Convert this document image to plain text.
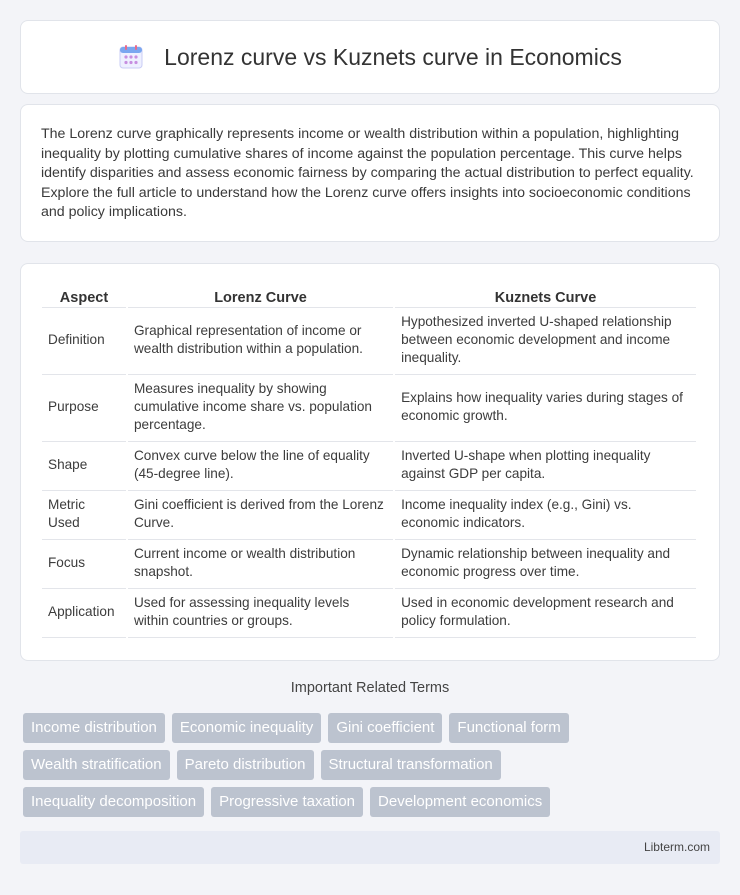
Lorenz curve vs Kuznets curve in Economics

The Lorenz curve graphically represents income or wealth distribution within a population, highlighting inequality by plotting cumulative shares of income against the population percentage. This curve helps identify disparities and assess economic fairness by comparing the actual distribution to perfect equality. Explore the full article to understand how the Lorenz curve offers insights into socioeconomic conditions and policy implications.

Aspect	Lorenz Curve	Kuznets Curve
Definition	Graphical representation of income or wealth distribution within a population.	Hypothesized inverted U-shaped relationship between economic development and income inequality.
Purpose	Measures inequality by showing cumulative income share vs. population percentage.	Explains how inequality varies during stages of economic growth.
Shape	Convex curve below the line of equality (45-degree line).	Inverted U-shape when plotting inequality against GDP per capita.
Metric Used	Gini coefficient is derived from the Lorenz Curve.	Income inequality index (e.g., Gini) vs. economic indicators.
Focus	Current income or wealth distribution snapshot.	Dynamic relationship between inequality and economic progress over time.
Application	Used for assessing inequality levels within countries or groups.	Used in economic development research and policy formulation.
Important Related Terms
Income distribution	Economic inequality	Gini coefficient	Functional form
Wealth stratification	Pareto distribution	Structural transformation
Inequality decomposition	Progressive taxation	Development economics
Libterm.com
